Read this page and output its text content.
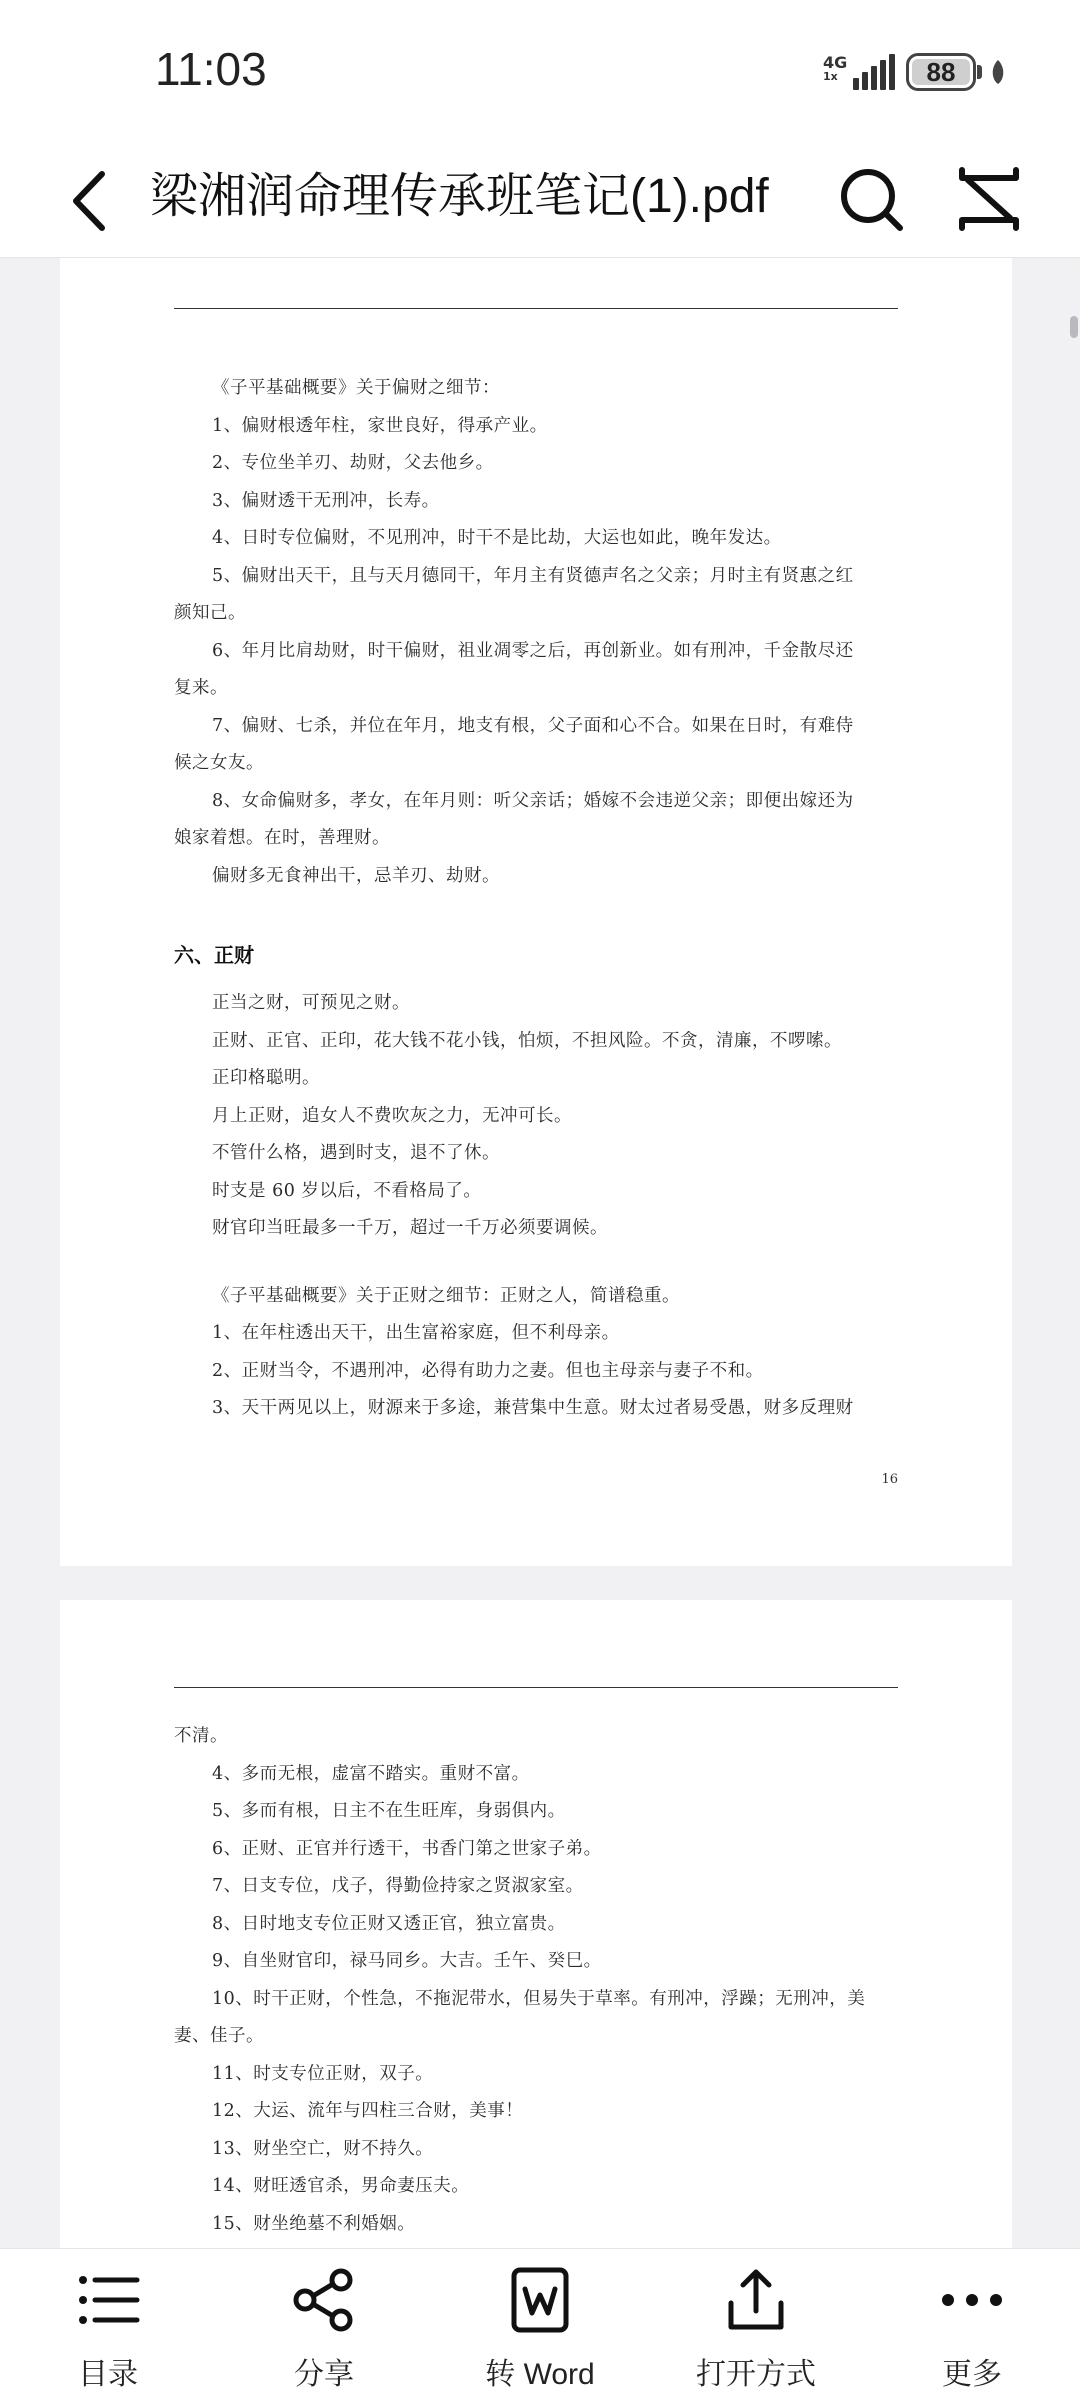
11:03	4G
1x	88
梁湘润命理传承班笔记(1).pdf
《子平基础概要》关于偏财之细节：
1、偏财根透年柱，家世良好，得承产业。
2、专位坐羊刃、劫财，父去他乡。
3、偏财透干无刑冲，长寿。
4、日时专位偏财，不见刑冲，时干不是比劫，大运也如此，晚年发达。
5、偏财出天干，且与天月德同干，年月主有贤德声名之父亲；月时主有贤惠之红
颜知己。
6、年月比肩劫财，时干偏财，祖业凋零之后，再创新业。如有刑冲，千金散尽还
复来。
7、偏财、七杀，并位在年月，地支有根，父子面和心不合。如果在日时，有难侍
候之女友。
8、女命偏财多，孝女，在年月则：听父亲话；婚嫁不会违逆父亲；即便出嫁还为
娘家着想。在时，善理财。
偏财多无食神出干，忌羊刃、劫财。
六、正财
正当之财，可预见之财。
正财、正官、正印，花大钱不花小钱，怕烦，不担风险。不贪，清廉，不啰嗦。
正印格聪明。
月上正财，追女人不费吹灰之力，无冲可长。
不管什么格，遇到时支，退不了休。
时支是 60 岁以后，不看格局了。
财官印当旺最多一千万，超过一千万必须要调候。
《子平基础概要》关于正财之细节：正财之人，简谱稳重。
1、在年柱透出天干，出生富裕家庭，但不利母亲。
2、正财当令，不遇刑冲，必得有助力之妻。但也主母亲与妻子不和。
3、天干两见以上，财源来于多途，兼营集中生意。财太过者易受愚，财多反理财
16
不清。
4、多而无根，虚富不踏实。重财不富。
5、多而有根，日主不在生旺库，身弱俱内。
6、正财、正官并行透干，书香门第之世家子弟。
7、日支专位，戊子，得勤俭持家之贤淑家室。
8、日时地支专位正财又透正官，独立富贵。
9、自坐财官印，禄马同乡。大吉。壬午、癸巳。
10、时干正财，个性急，不拖泥带水，但易失于草率。有刑冲，浮躁；无刑冲，美
妻、佳子。
11、时支专位正财，双子。
12、大运、流年与四柱三合财，美事！
13、财坐空亡，财不持久。
14、财旺透官杀，男命妻压夫。
15、财坐绝墓不利婚姻。
目录	分享	转 Word	打开方式	更多
